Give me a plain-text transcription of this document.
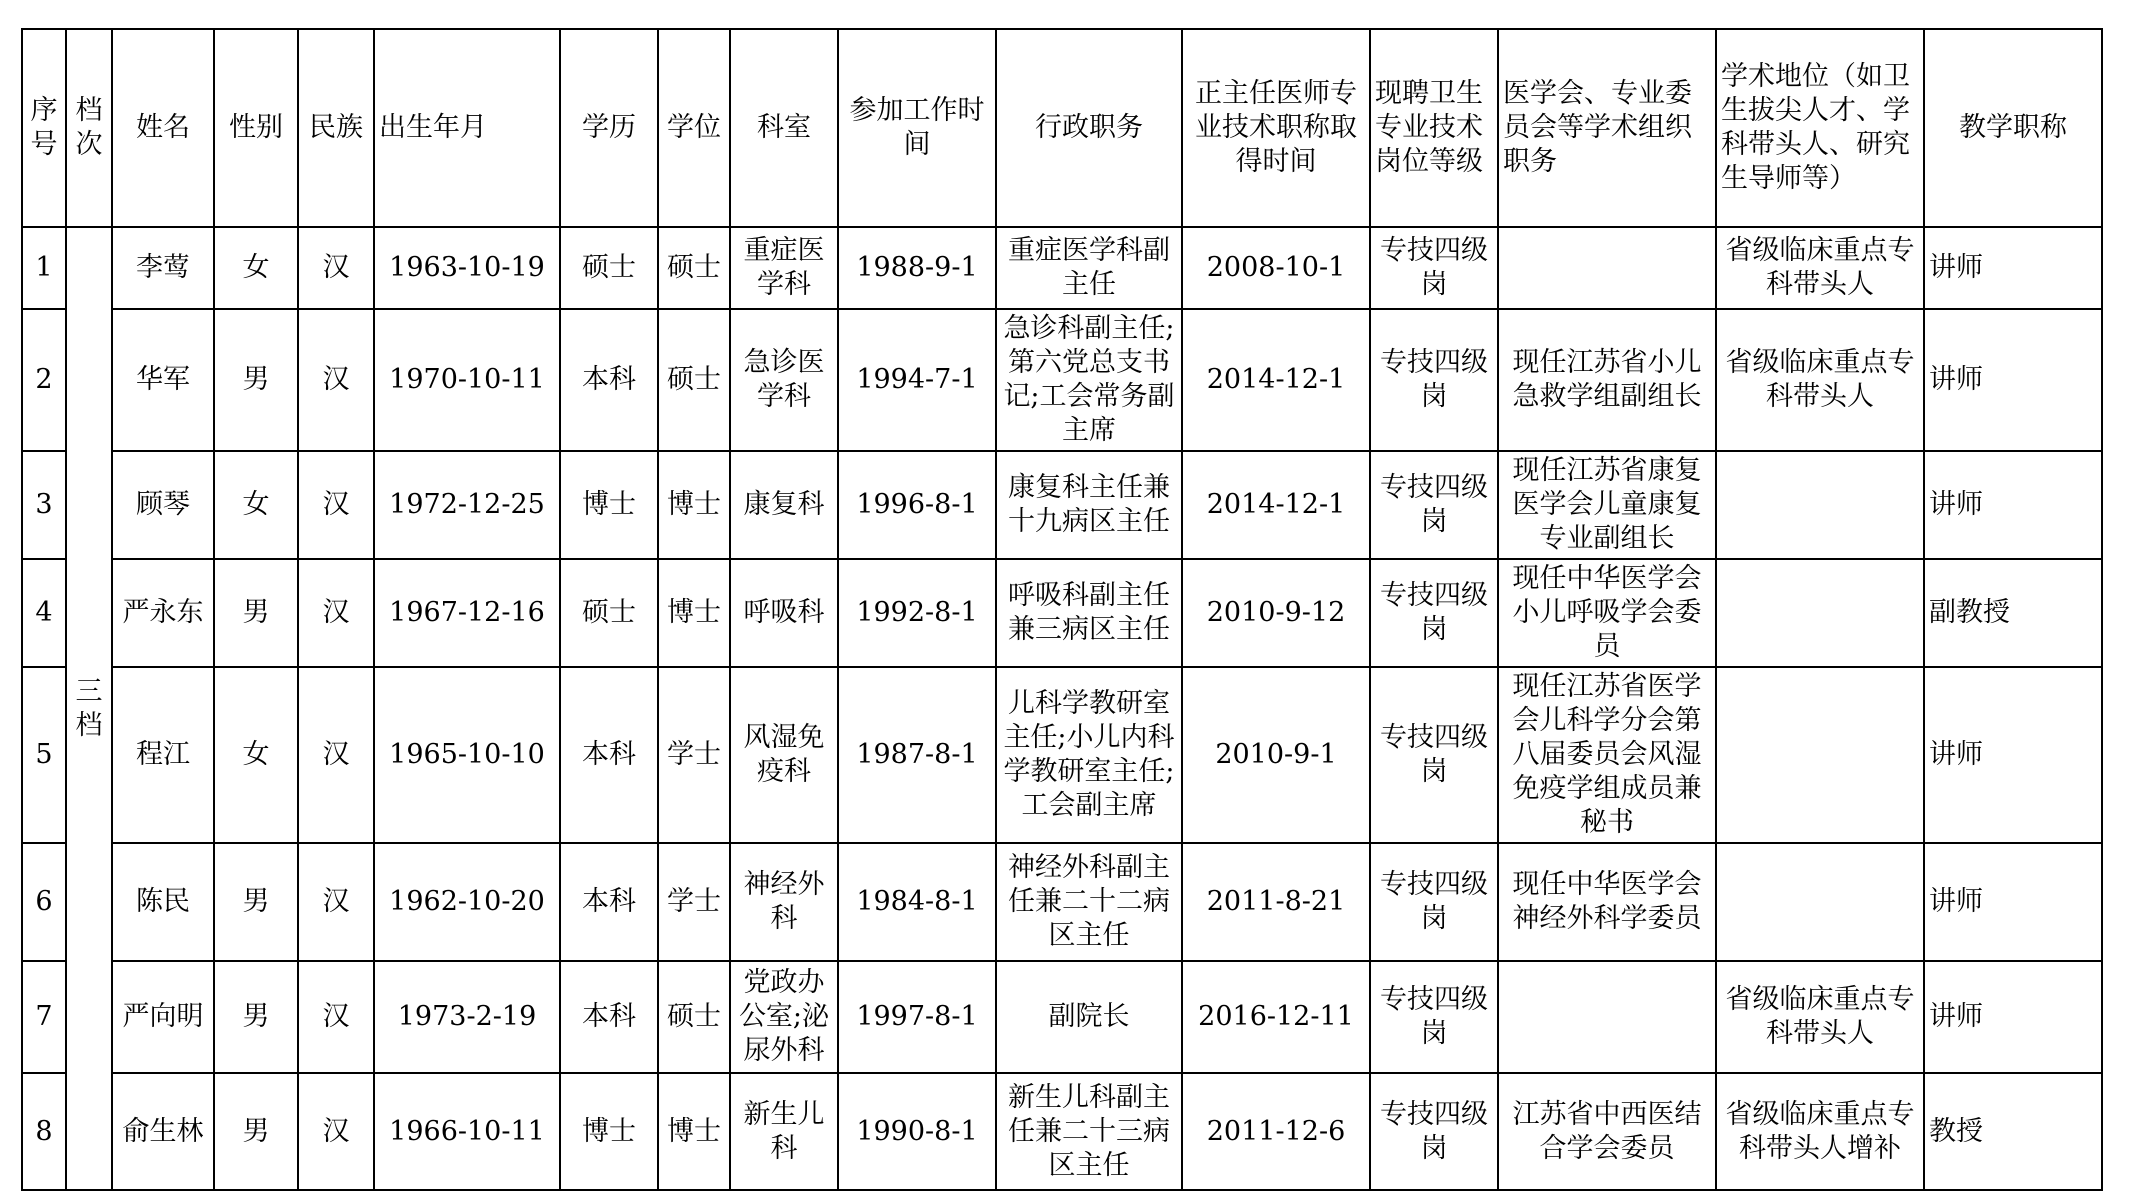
序号	档次	姓名	性别	民族	出生年月	学历	学位	科室	参加工作时间	行政职务	正主任医师专业技术职称取得时间	现聘卫生专业技术岗位等级	医学会、专业委员会等学术组织职务	学术地位（如卫生拔尖人才、学科带头人、研究生导师等）	教学职称
1	三档	李莺	女	汉	1963-10-19	硕士	硕士	重症医学科	1988-9-1	重症医学科副主任	2008-10-1	专技四级岗		省级临床重点专科带头人	讲师
2		华军	男	汉	1970-10-11	本科	硕士	急诊医学科	1994-7-1	急诊科副主任;第六党总支书记;工会常务副主席	2014-12-1	专技四级岗	现任江苏省小儿急救学组副组长	省级临床重点专科带头人	讲师
3		顾琴	女	汉	1972-12-25	博士	博士	康复科	1996-8-1	康复科主任兼十九病区主任	2014-12-1	专技四级岗	现任江苏省康复医学会儿童康复专业副组长		讲师
4		严永东	男	汉	1967-12-16	硕士	博士	呼吸科	1992-8-1	呼吸科副主任兼三病区主任	2010-9-12	专技四级岗	现任中华医学会小儿呼吸学会委员		副教授
5		程江	女	汉	1965-10-10	本科	学士	风湿免疫科	1987-8-1	儿科学教研室主任;小儿内科学教研室主任;工会副主席	2010-9-1	专技四级岗	现任江苏省医学会儿科学分会第八届委员会风湿免疫学组成员兼秘书		讲师
6		陈民	男	汉	1962-10-20	本科	学士	神经外科	1984-8-1	神经外科副主任兼二十二病区主任	2011-8-21	专技四级岗	现任中华医学会神经外科学委员		讲师
7		严向明	男	汉	1973-2-19	本科	硕士	党政办公室;泌尿外科	1997-8-1	副院长	2016-12-11	专技四级岗		省级临床重点专科带头人	讲师
8		俞生林	男	汉	1966-10-11	博士	博士	新生儿科	1990-8-1	新生儿科副主任兼二十三病区主任	2011-12-6	专技四级岗	江苏省中西医结合学会委员	省级临床重点专科带头人增补	教授
